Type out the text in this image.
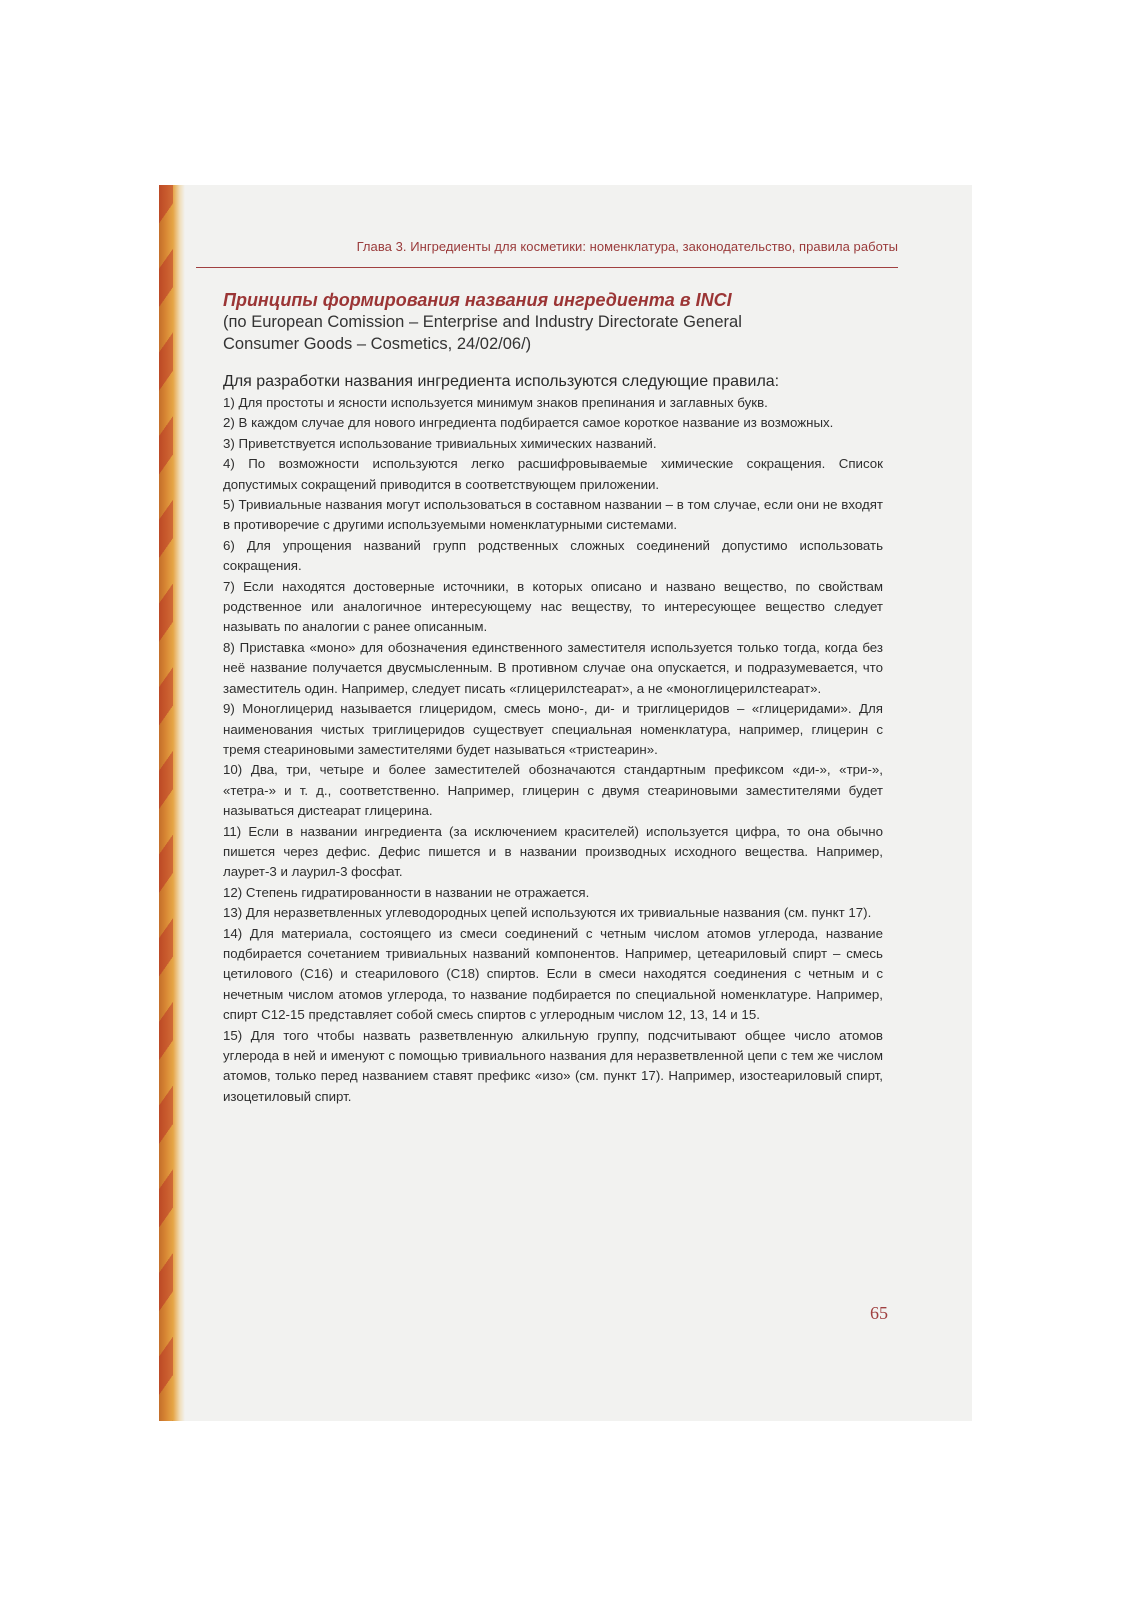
Глава 3. Ингредиенты для косметики: номенклатура, законодательство, правила работы
Принципы формирования названия ингредиента в INCI
(по European Comission – Enterprise and Industry Directorate General
Consumer Goods – Cosmetics, 24/02/06/)
Для разработки названия ингредиента используются следующие правила:
1) Для простоты и ясности используется минимум знаков препинания и заглавных букв.
2) В каждом случае для нового ингредиента подбирается самое короткое название из возможных.
3) Приветствуется использование тривиальных химических названий.
4) По возможности используются легко расшифровываемые химические сокращения. Список допустимых сокращений приводится в соответствующем приложении.
5) Тривиальные названия могут использоваться в составном названии – в том случае, если они не входят в противоречие с другими используемыми номенклатурными системами.
6) Для упрощения названий групп родственных сложных соединений допустимо использовать сокращения.
7) Если находятся достоверные источники, в которых описано и названо вещество, по свойствам родственное или аналогичное интересующему нас веществу, то интересующее вещество следует называть по аналогии с ранее описанным.
8) Приставка «моно» для обозначения единственного заместителя используется только тогда, когда без неё название получается двусмысленным. В противном случае она опускается, и подразумевается, что заместитель один. Например, следует писать «глицерилстеарат», а не «моноглицерилстеарат».
9) Моноглицерид называется глицеридом, смесь моно-, ди- и триглицеридов – «глицеридами». Для наименования чистых триглицеридов существует специальная номенклатура, например, глицерин с тремя стеариновыми заместителями будет называться «тристеарин».
10) Два, три, четыре и более заместителей обозначаются стандартным префиксом «ди-», «три-», «тетра-» и т. д., соответственно. Например, глицерин с двумя стеариновыми заместителями будет называться дистеарат глицерина.
11) Если в названии ингредиента (за исключением красителей) используется цифра, то она обычно пишется через дефис. Дефис пишется и в названии производных исходного вещества. Например, лаурет-3 и лаурил-3 фосфат.
12) Степень гидратированности в названии не отражается.
13) Для неразветвленных углеводородных цепей используются их тривиальные названия (см. пункт 17).
14) Для материала, состоящего из смеси соединений с четным числом атомов углерода, название подбирается сочетанием тривиальных названий компонентов. Например, цетеариловый спирт – смесь цетилового (C16) и стеарилового (C18) спиртов. Если в смеси находятся соединения с четным и с нечетным числом атомов углерода, то название подбирается по специальной номенклатуре. Например, спирт C12-15 представляет собой смесь спиртов с углеродным числом 12, 13, 14 и 15.
15) Для того чтобы назвать разветвленную алкильную группу, подсчитывают общее число атомов углерода в ней и именуют с помощью тривиального названия для неразветвленной цепи с тем же числом атомов, только перед названием ставят префикс «изо» (см. пункт 17). Например, изостеариловый спирт, изоцетиловый спирт.
65
